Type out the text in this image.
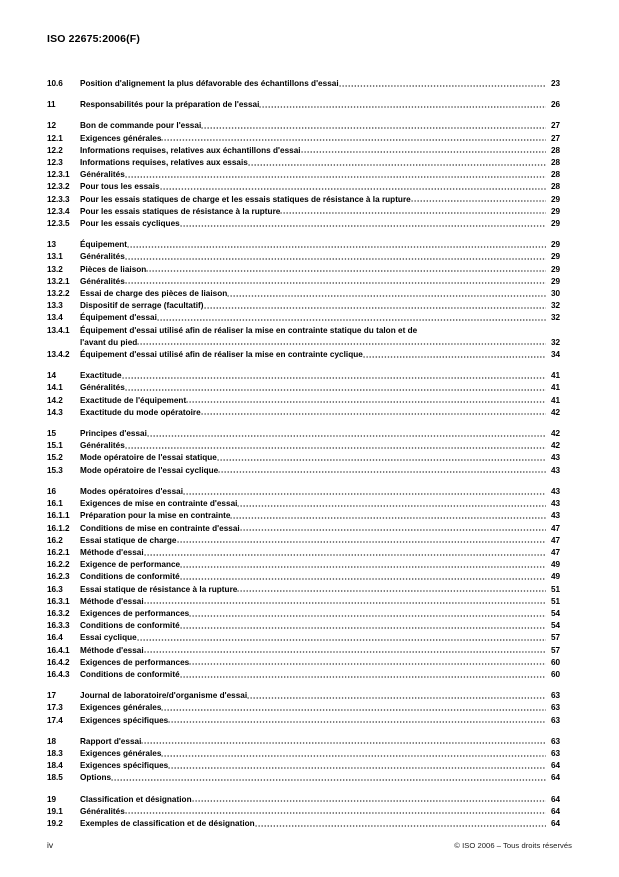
ISO 22675:2006(F)
10.6	Position d'alignement la plus défavorable des échantillons d'essai	23
11	Responsabilités pour la préparation de l'essai	26
12	Bon de commande pour l'essai	27
12.1	Exigences générales	27
12.2	Informations requises, relatives aux échantillons d'essai	28
12.3	Informations requises, relatives aux essais	28
12.3.1	Généralités	28
12.3.2	Pour tous les essais	28
12.3.3	Pour les essais statiques de charge et les essais statiques de résistance à la rupture	29
12.3.4	Pour les essais statiques de résistance à la rupture	29
12.3.5	Pour les essais cycliques	29
13	Équipement	29
13.1	Généralités	29
13.2	Pièces de liaison	29
13.2.1	Généralités	29
13.2.2	Essai de charge des pièces de liaison	30
13.3	Dispositif de serrage (facultatif)	32
13.4	Équipement d'essai	32
13.4.1	Équipement d'essai utilisé afin de réaliser la mise en contrainte statique du talon et de
l'avant du pied	32
13.4.2	Équipement d'essai utilisé afin de réaliser la mise en contrainte cyclique	34
14	Exactitude	41
14.1	Généralités	41
14.2	Exactitude de l'équipement	41
14.3	Exactitude du mode opératoire	42
15	Principes d'essai	42
15.1	Généralités	42
15.2	Mode opératoire de l'essai statique	43
15.3	Mode opératoire de l'essai cyclique	43
16	Modes opératoires d'essai	43
16.1	Exigences de mise en contrainte d'essai	43
16.1.1	Préparation pour la mise en contrainte	43
16.1.2	Conditions de mise en contrainte d'essai	47
16.2	Essai statique de charge	47
16.2.1	Méthode d'essai	47
16.2.2	Exigence de performance	49
16.2.3	Conditions de conformité	49
16.3	Essai statique de résistance à la rupture	51
16.3.1	Méthode d'essai	51
16.3.2	Exigences de performances	54
16.3.3	Conditions de conformité	54
16.4	Essai cyclique	57
16.4.1	Méthode d'essai	57
16.4.2	Exigences de performances	60
16.4.3	Conditions de conformité	60
17	Journal de laboratoire/d'organisme d'essai	63
17.3	Exigences générales	63
17.4	Exigences spécifiques	63
18	Rapport d'essai	63
18.3	Exigences générales	63
18.4	Exigences spécifiques	64
18.5	Options	64
19	Classification et désignation	64
19.1	Généralités	64
19.2	Exemples de classification et de désignation	64
iv	© ISO 2006 – Tous droits réservés
